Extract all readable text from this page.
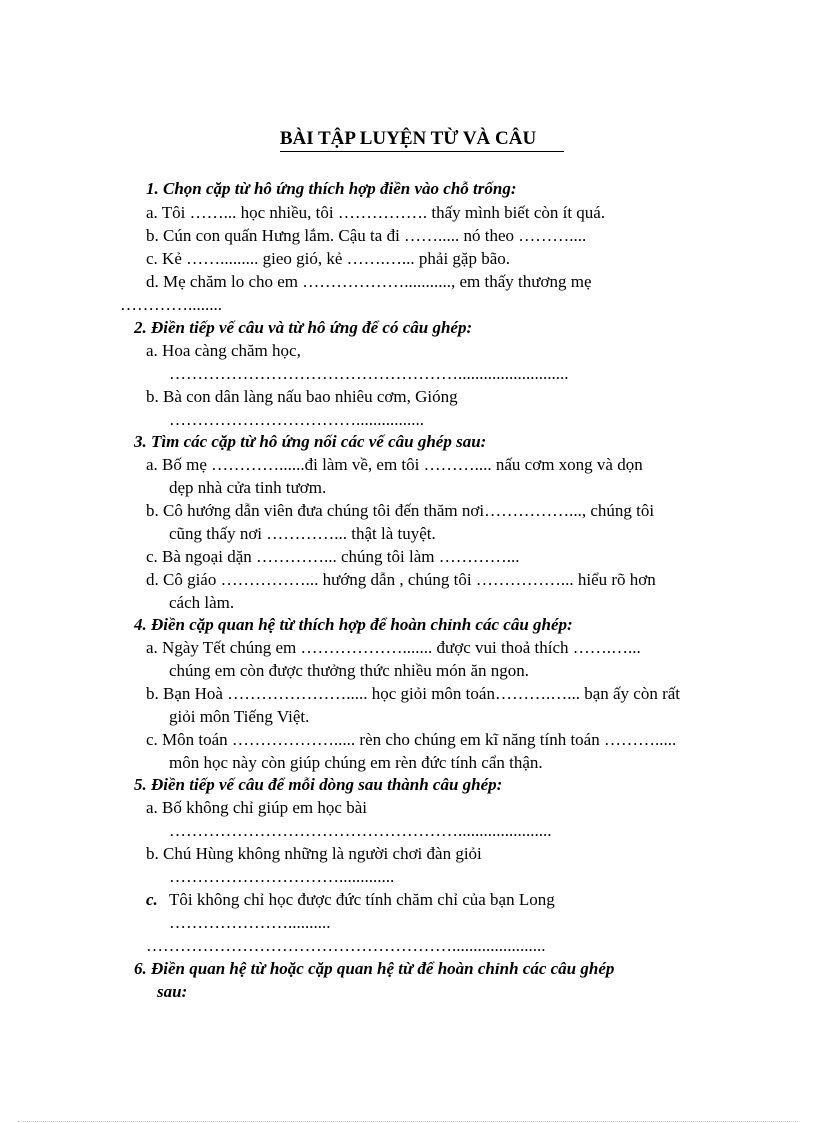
BÀI TẬP LUYỆN TỪ VÀ CÂU
1. Chọn cặp từ hô ứng thích hợp điền vào chỗ trống:
a. Tôi ……... học nhiều, tôi ……………. thấy mình biết còn ít quá.
b. Cún con quấn Hưng lắm. Cậu ta đi ……..... nó theo ………....
c. Kẻ ……......... gieo gió, kẻ …….…... phải gặp bão.
d. Mẹ chăm lo cho em ………………..........., em thấy thương mẹ
…………........
2. Điền tiếp vế câu và từ hô ứng để có câu ghép:
a. Hoa càng chăm học,
……………………………………………..........................
b. Bà con dân làng nấu bao nhiêu cơm, Gióng
……………………………................
3. Tìm các cặp từ hô ứng nối các vế câu ghép sau:
a. Bố mẹ …………......đi làm về, em tôi ……….... nấu cơm xong và dọn
dẹp nhà cửa tinh tươm.
b. Cô hướng dẫn viên đưa chúng tôi đến thăm nơi……………..., chúng tôi
cũng thấy nơi …………... thật là tuyệt.
c. Bà ngoại dặn …………... chúng tôi làm …………...
d. Cô giáo ……………... hướng dẫn , chúng tôi ……………... hiểu rõ hơn
cách làm.
4. Điền cặp quan hệ từ thích hợp để hoàn chỉnh các câu ghép:
a. Ngày Tết chúng em ………………....... được vui thoả thích …….…...
chúng em còn được thưởng thức nhiều món ăn ngon.
b. Bạn Hoà …………………..... học giỏi môn toán……….…... bạn ấy còn rất
giỏi môn Tiếng Việt.
c. Môn toán ………………..... rèn cho chúng em kĩ năng tính toán ……….....
môn học này còn giúp chúng em rèn đức tính cẩn thận.
5. Điền tiếp vế câu để mỗi dòng sau thành câu ghép:
a. Bố không chỉ giúp em học bài
……………………………………………......................
b. Chú Hùng không những là người chơi đàn giỏi
………………………….............
c. Tôi không chỉ học được đức tính chăm chỉ của bạn Long
…………………..........
………………………………………………......................
6. Điền quan hệ từ hoặc cặp quan hệ từ để hoàn chỉnh các câu ghép
sau:
